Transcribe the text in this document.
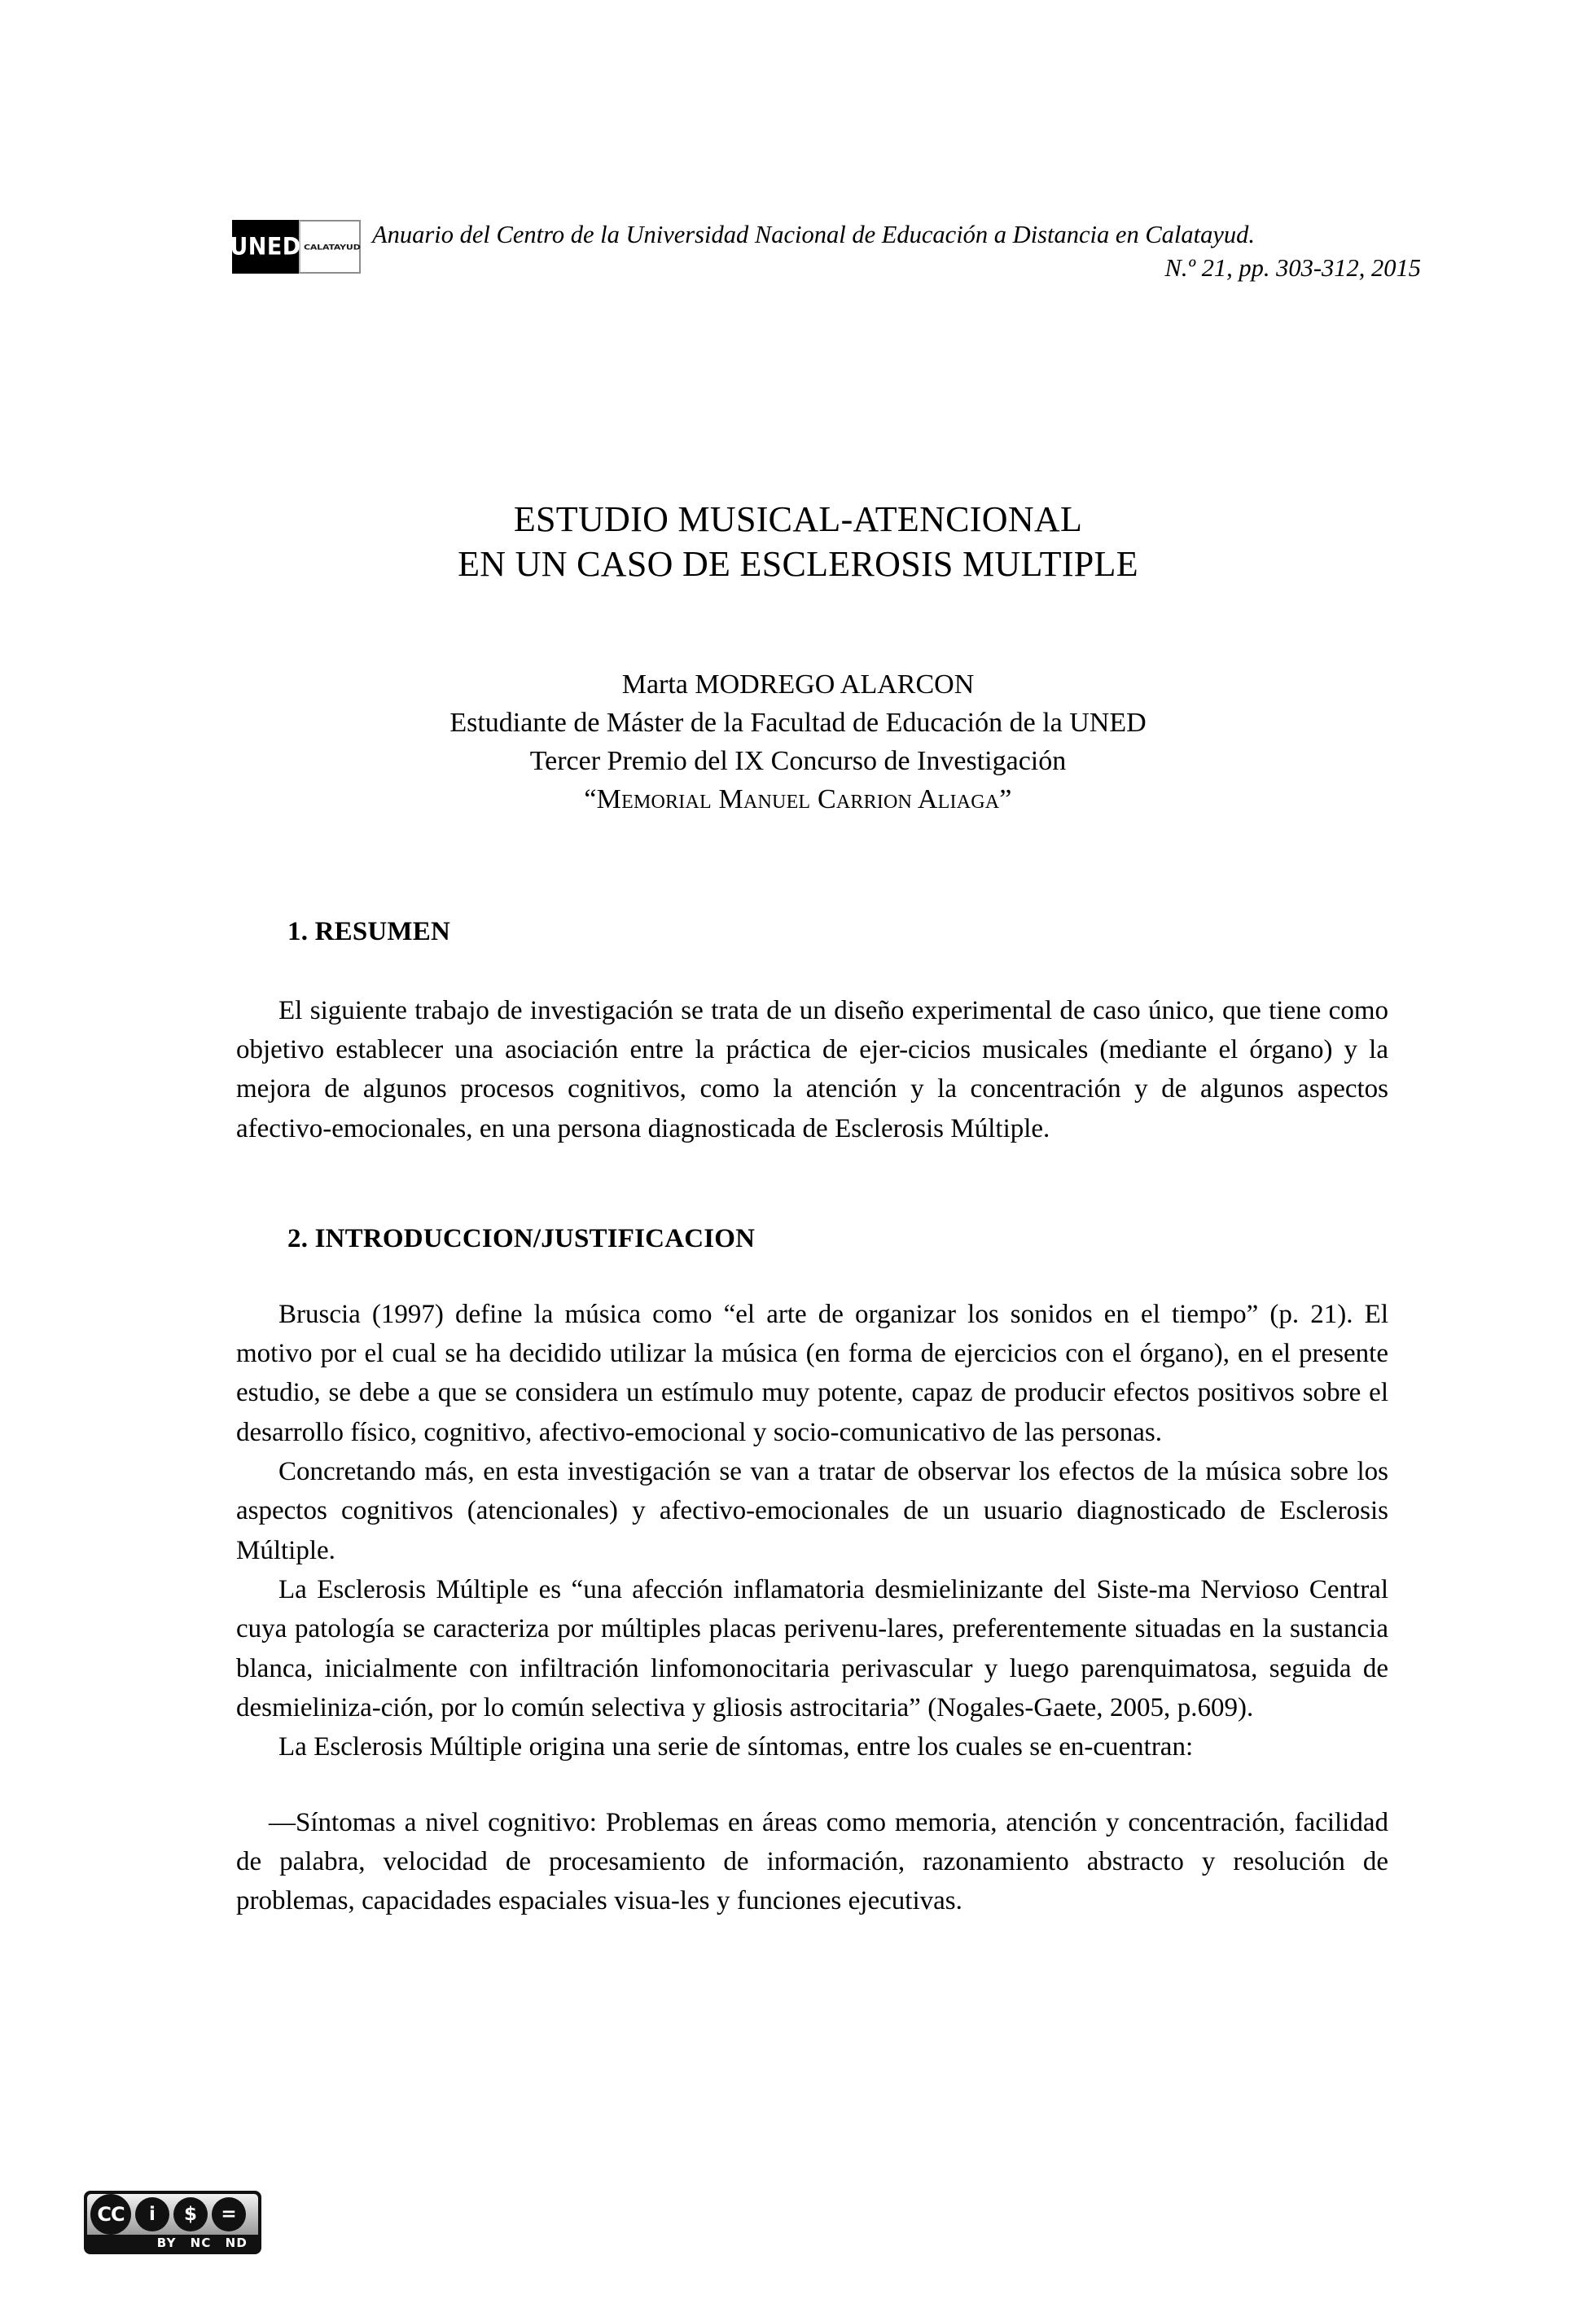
UNED CALATAYUD Anuario del Centro de la Universidad Nacional de Educación a Distancia en Calatayud.
N.º 21, pp. 303-312, 2015
ESTUDIO MUSICAL-ATENCIONAL
EN UN CASO DE ESCLEROSIS MULTIPLE
Marta MODREGO ALARCON
Estudiante de Máster de la Facultad de Educación de la UNED
Tercer Premio del IX Concurso de Investigación
“Memorial Manuel Carrion Aliaga”
1. RESUMEN

El siguiente trabajo de investigación se trata de un diseño experimental de caso único, que tiene como objetivo establecer una asociación entre la práctica de ejer-cicios musicales (mediante el órgano) y la mejora de algunos procesos cognitivos, como la atención y la concentración y de algunos aspectos afectivo-emocionales, en una persona diagnosticada de Esclerosis Múltiple.

2. INTRODUCCION/JUSTIFICACION

Bruscia (1997) define la música como “el arte de organizar los sonidos en el tiempo” (p. 21). El motivo por el cual se ha decidido utilizar la música (en forma de ejercicios con el órgano), en el presente estudio, se debe a que se considera un estímulo muy potente, capaz de producir efectos positivos sobre el desarrollo físico, cognitivo, afectivo-emocional y socio-comunicativo de las personas.

Concretando más, en esta investigación se van a tratar de observar los efectos de la música sobre los aspectos cognitivos (atencionales) y afectivo-emocionales de un usuario diagnosticado de Esclerosis Múltiple.

La Esclerosis Múltiple es “una afección inflamatoria desmielinizante del Siste-ma Nervioso Central cuya patología se caracteriza por múltiples placas perivenu-lares, preferentemente situadas en la sustancia blanca, inicialmente con infiltración linfomonocitaria perivascular y luego parenquimatosa, seguida de desmieliniza-ción, por lo común selectiva y gliosis astrocitaria” (Nogales-Gaete, 2005, p.609).

La Esclerosis Múltiple origina una serie de síntomas, entre los cuales se en-cuentran:

—Síntomas a nivel cognitivo: Problemas en áreas como memoria, atención y concentración, facilidad de palabra, velocidad de procesamiento de información, razonamiento abstracto y resolución de problemas, capacidades espaciales visua-les y funciones ejecutivas.

CC	i	$	=
BY NC ND
